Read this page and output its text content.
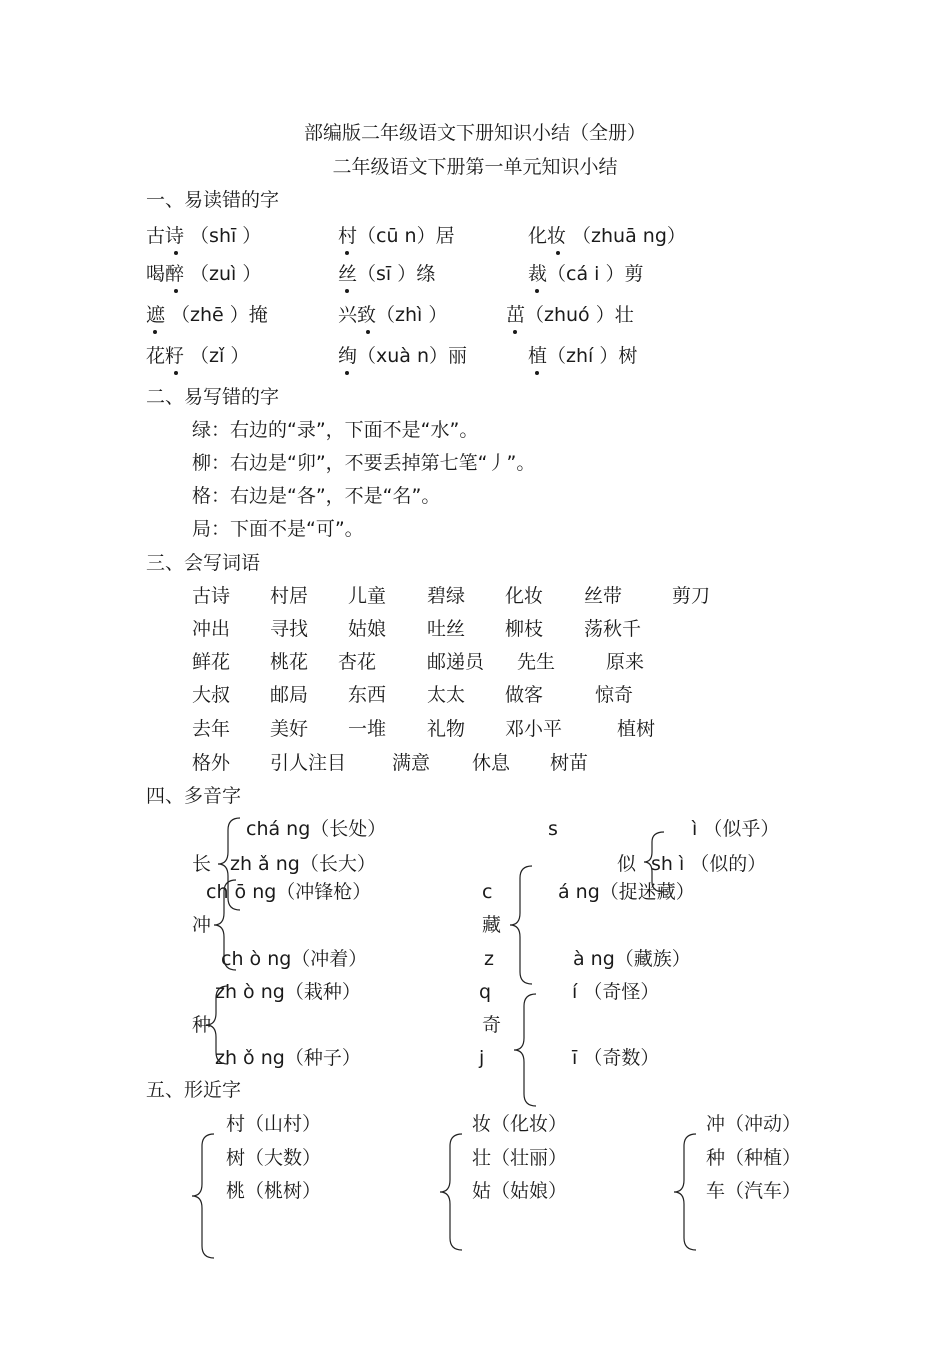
部编版二年级语文下册知识小结（全册）
二年级语文下册第一单元知识小结
一、易读错的字
古诗 （shī ）	村（cū n）居	化妆 （zhuā ng）
喝醉 （zuì ）	丝（sī ）绦	裁（cá i ）剪
遮 （zhē ）掩	兴致（zhì ）	茁（zhuó ）壮
花籽 （zǐ ）	绚（xuà n）丽	植（zhí ）树
二、易写错的字
绿：右边的“录”，下面不是“水”。
柳：右边是“卯”，不要丢掉第七笔“丿”。
格：右边是“各”，不是“名”。
局：下面不是“可”。
三、会写词语
古诗 村居 儿童 碧绿 化妆 丝带	剪刀
冲出 寻找 姑娘 吐丝 柳枝 荡秋千
鲜花 桃花 杏花	邮递员 先生	原来
大叔 邮局 东西 太太 做客	惊奇
去年 美好 一堆 礼物 邓小平	植树
格外 引人注目 满意 休息 树苗
四、多音字
长
chá ng（长处）
zh ǎ ng（长大）
s	ì （似乎）
似 sh ì （似的）
ch ō ng（冲锋枪）
冲
ch ò ng（冲着）
c	á ng（捉迷藏）
藏
z	à ng（藏族）
zh ò ng（栽种）
种
zh ǒ ng（种子）
q	í （奇怪）
奇
j	ī （奇数）
五、形近字
村（山村）
树（大数）
桃（桃树）
妆（化妆）
壮（壮丽）
姑（姑娘）
冲（冲动）
种（种植）
车（汽车）
